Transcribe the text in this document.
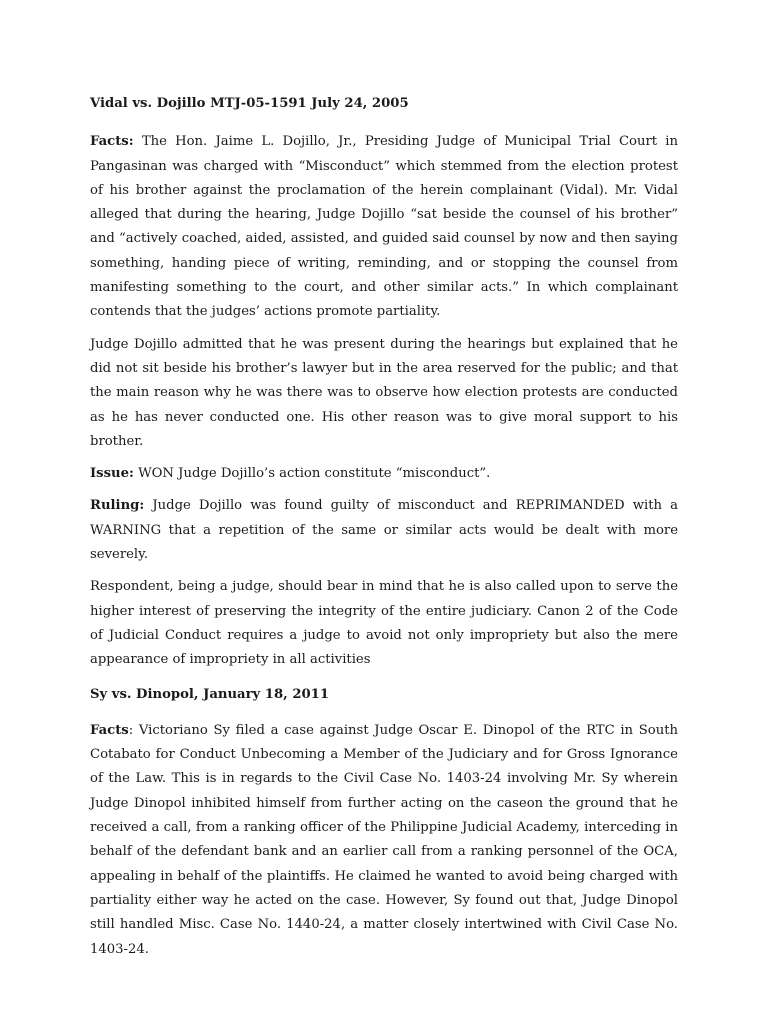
Vidal vs. Dojillo MTJ-05-1591 July 24, 2005

Facts: The Hon. Jaime L. Dojillo, Jr., Presiding Judge of Municipal Trial Court in Pangasinan was charged with “Misconduct” which stemmed from the election protest of his brother against the proclamation of the herein complainant (Vidal). Mr. Vidal alleged that during the hearing, Judge Dojillo “sat beside the counsel of his brother” and “actively coached, aided, assisted, and guided said counsel by now and then saying something, handing piece of writing, reminding, and or stopping the counsel from manifesting something to the court, and other similar acts.” In which complainant contends that the judges’ actions promote partiality.

Judge Dojillo admitted that he was present during the hearings but explained that he did not sit beside his brother’s lawyer but in the area reserved for the public; and that the main reason why he was there was to observe how election protests are conducted as he has never conducted one. His other reason was to give moral support to his brother.

Issue: WON Judge Dojillo’s action constitute “misconduct”.

Ruling: Judge Dojillo was found guilty of misconduct and REPRIMANDED with a WARNING that a repetition of the same or similar acts would be dealt with more severely.

Respondent, being a judge, should bear in mind that he is also called upon to serve the higher interest of preserving the integrity of the entire judiciary. Canon 2 of the Code of Judicial Conduct requires a judge to avoid not only impropriety but also the mere appearance of impropriety in all activities

Sy vs. Dinopol, January 18, 2011

Facts: Victoriano Sy filed a case against Judge Oscar E. Dinopol of the RTC in South Cotabato for Conduct Unbecoming a Member of the Judiciary and for Gross Ignorance of the Law. This is in regards to the Civil Case No. 1403-24 involving Mr. Sy wherein Judge Dinopol inhibited himself from further acting on the caseon the ground that he received a call, from a ranking officer of the Philippine Judicial Academy, interceding in behalf of the defendant bank and an earlier call from a ranking personnel of the OCA, appealing in behalf of the plaintiffs. He claimed he wanted to avoid being charged with partiality either way he acted on the case. However, Sy found out that, Judge Dinopol still handled Misc. Case No. 1440-24, a matter closely intertwined with Civil Case No. 1403-24.
